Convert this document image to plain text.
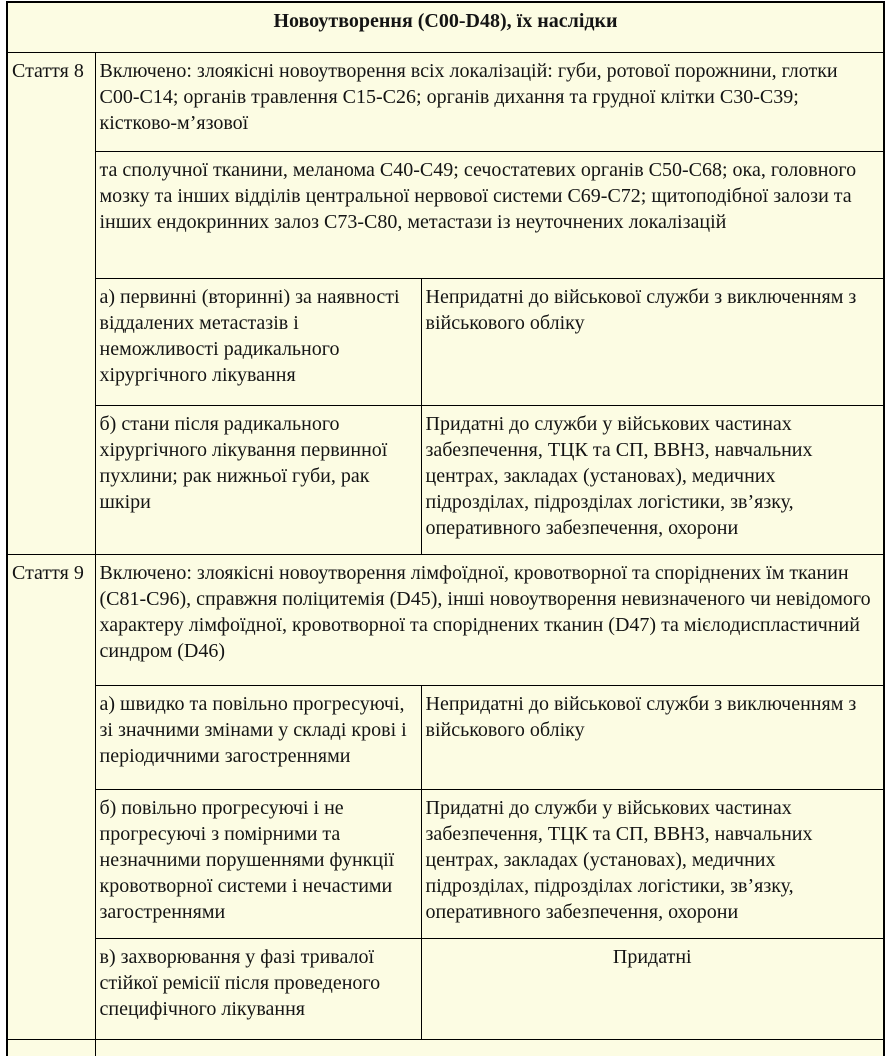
Новоутворення (C00-D48), їх наслідки		
Стаття 8	Включено: злоякісні новоутворення всіх локалізацій: губи, ротової порожнини, глотки C00-C14; органів травлення C15-C26; органів дихання та грудної клітки C30-C39; кістково-м’язової	
	та сполучної тканини, меланома C40-C49; сечостатевих органів C50-C68; ока, головного мозку та інших відділів центральної нервової системи C69-C72; щитоподібної залози та інших ендокринних залоз C73-C80, метастази із неуточнених локалізацій	
	а) первинні (вторинні) за наявності віддалених метастазів і неможливості радикального хірургічного лікування	Непридатні до військової служби з виключенням з військового обліку
	б) стани після радикального хірургічного лікування первинної пухлини; рак нижньої губи, рак шкіри	Придатні до служби у військових частинах забезпечення, ТЦК та СП, ВВНЗ, навчальних центрах, закладах (установах), медичних підрозділах, підрозділах логістики, зв’язку, оперативного забезпечення, охорони
Стаття 9	Включено: злоякісні новоутворення лімфоїдної, кровотворної та споріднених їм тканин (C81-C96), справжня поліцитемія (D45), інші новоутворення невизначеного чи невідомого характеру лімфоїдної, кровотворної та споріднених тканин (D47) та мієлодиспластичний синдром (D46)	
	а) швидко та повільно прогресуючі, зі значними змінами у складі крові і періодичними загостреннями	Непридатні до військової служби з виключенням з військового обліку
	б) повільно прогресуючі і не прогресуючі з помірними та незначними порушеннями функції кровотворної системи і нечастими загостреннями	Придатні до служби у військових частинах забезпечення, ТЦК та СП, ВВНЗ, навчальних центрах, закладах (установах), медичних підрозділах, підрозділах логістики, зв’язку, оперативного забезпечення, охорони
	в) захворювання у фазі тривалої стійкої ремісії після проведеного специфічного лікування	Придатні
